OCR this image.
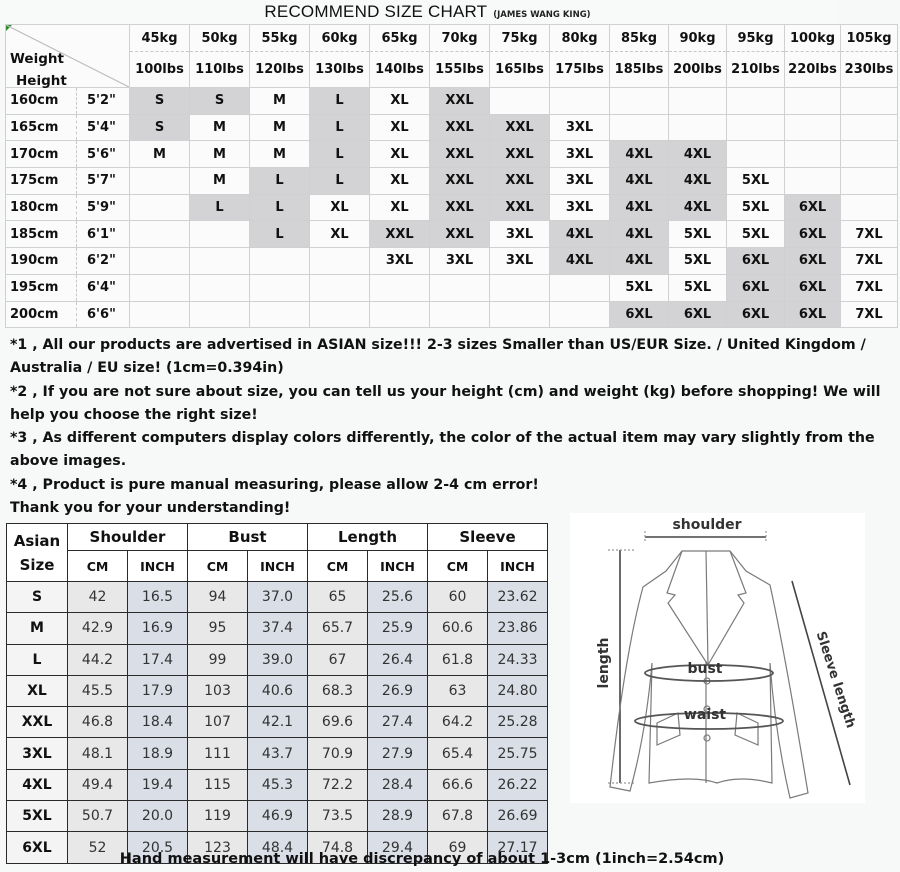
RECOMMEND SIZE CHART (JAMES WANG KING)
Weight
Height		45kg	50kg	55kg	60kg	65kg	70kg	75kg	80kg	85kg	90kg	95kg	100kg	105kg
		100lbs	110lbs	120lbs	130lbs	140lbs	155lbs	165lbs	175lbs	185lbs	200lbs	210lbs	220lbs	230lbs
160cm	5'2"	S	S	M	L	XL	XXL							
165cm	5'4"	S	M	M	L	XL	XXL	XXL	3XL					
170cm	5'6"	M	M	M	L	XL	XXL	XXL	3XL	4XL	4XL			
175cm	5'7"		M	L	L	XL	XXL	XXL	3XL	4XL	4XL	5XL		
180cm	5'9"		L	L	XL	XL	XXL	XXL	3XL	4XL	4XL	5XL	6XL	
185cm	6'1"			L	XL	XXL	XXL	3XL	4XL	4XL	5XL	5XL	6XL	7XL
190cm	6'2"					3XL	3XL	3XL	4XL	4XL	5XL	6XL	6XL	7XL
195cm	6'4"									5XL	5XL	6XL	6XL	7XL
200cm	6'6"									6XL	6XL	6XL	6XL	7XL

*1 , All our products are advertised in ASIAN size!!! 2-3 sizes Smaller than US/EUR Size. / United Kingdom / Australia / EU size! (1cm=0.394in)

*2 , If you are not sure about size, you can tell us your height (cm) and weight (kg) before shopping! We will help you choose the right size!

*3 , As different computers display colors differently, the color of the actual item may vary slightly from the above images.

*4 , Product is pure manual measuring, please allow 2-4 cm error!

Thank you for your understanding!

Asian Size	Shoulder		Bust		Length		Sleeve	
	CM	INCH	CM	INCH	CM	INCH	CM	INCH
S	42	16.5	94	37.0	65	25.6	60	23.62
M	42.9	16.9	95	37.4	65.7	25.9	60.6	23.86
L	44.2	17.4	99	39.0	67	26.4	61.8	24.33
XL	45.5	17.9	103	40.6	68.3	26.9	63	24.80
XXL	46.8	18.4	107	42.1	69.6	27.4	64.2	25.28
3XL	48.1	18.9	111	43.7	70.9	27.9	65.4	25.75
4XL	49.4	19.4	115	45.3	72.2	28.4	66.6	26.22
5XL	50.7	20.0	119	46.9	73.5	28.9	67.8	26.69
6XL	52	20.5	123	48.4	74.8	29.4	69	27.17
shoulder
length	bust
waist	Sleeve length
Hand measurement will have discrepancy of about 1-3cm (1inch=2.54cm)
